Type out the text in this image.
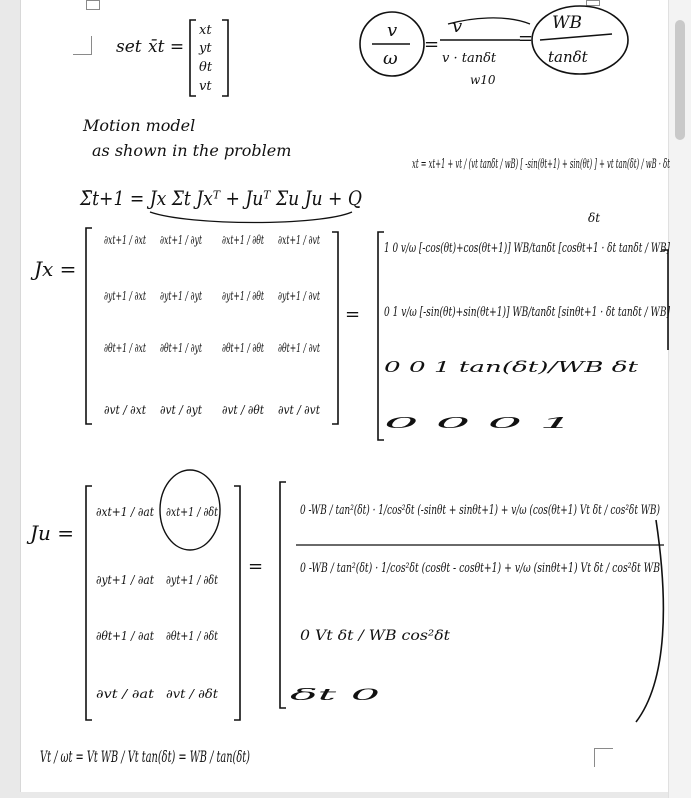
set x̄t =
xt
yt
θt
vt
v
ω
=
v
v · tanδt
w10
=
WB
tanδt
Motion model
as shown in the problem
xt = xt+1 + vt / (vt tanδt / wB) [ -sin(θt+1) + sin(θt) ] + vt tan(δt) / wB · δt
δt
Σ̄t+1 = Jx Σt Jxᵀ + Juᵀ Σu Ju + Q
Jx =
∂xt+1 / ∂xt ∂xt+1 / ∂yt ∂xt+1 / ∂θt ∂xt+1 / ∂vt
∂yt+1 / ∂xt ∂yt+1 / ∂yt ∂yt+1 / ∂θt ∂yt+1 / ∂vt
∂θt+1 / ∂xt ∂θt+1 / ∂yt ∂θt+1 / ∂θt ∂θt+1 / ∂vt
∂vt / ∂xt ∂vt / ∂yt ∂vt / ∂θt ∂vt / ∂vt
=
1 0 v/ω [-cos(θt)+cos(θt+1)] WB/tanδt [cosθt+1 · δt tanδt / WB]
0 1 v/ω [-sin(θt)+sin(θt+1)] WB/tanδt [sinθt+1 · δt tanδt / WB]
0 0 1 tan(δt)/WB δt
0 0 0 1
Ju =
∂xt+1 / ∂at ∂xt+1 / ∂δt
∂yt+1 / ∂at ∂yt+1 / ∂δt
∂θt+1 / ∂at ∂θt+1 / ∂δt
∂vt / ∂at ∂vt / ∂δt
=
0 -WB / tan²(δt) · 1/cos²δt (-sinθt + sinθt+1) + v/ω (cos(θt+1) Vt δt / cos²δt WB)
0 -WB / tan²(δt) · 1/cos²δt (cosθt - cosθt+1) + v/ω (sinθt+1) Vt δt / cos²δt WB
0 Vt δt / WB cos²δt
δt 0
Vt / ωt = Vt WB / Vt tan(δt) = WB / tan(δt)
